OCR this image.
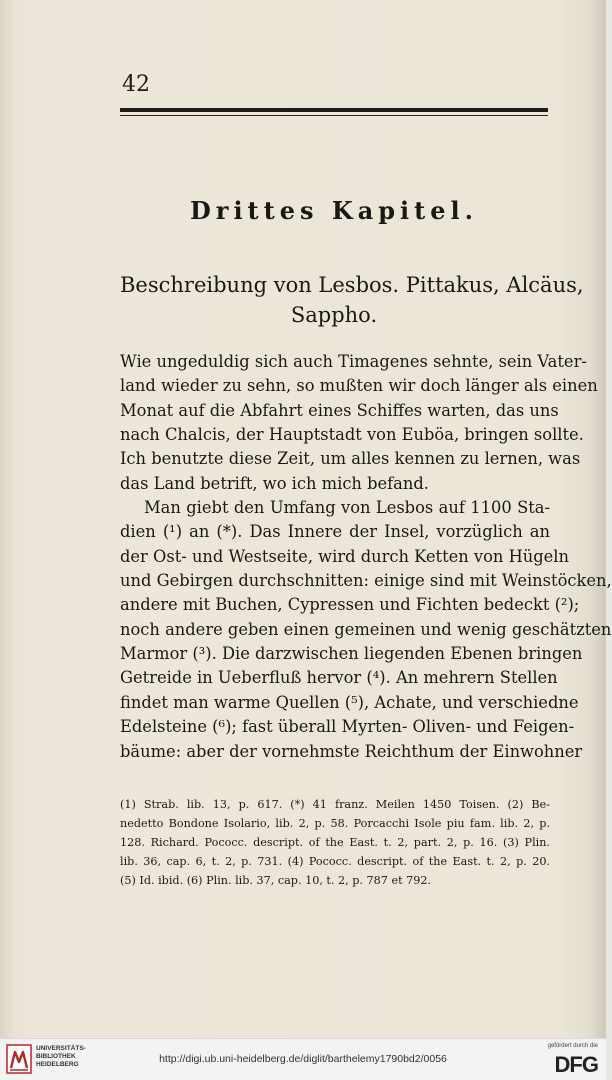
42
Drittes Kapitel.
Beschreibung von Lesbos. Pittakus, Alcäus,
Sappho.
Wie ungeduldig sich auch Timagenes sehnte, sein Vater-
land wieder zu sehn, so mußten wir doch länger als einen
Monat auf die Abfahrt eines Schiffes warten, das uns
nach Chalcis, der Hauptstadt von Euböa, bringen sollte.
Ich benutzte diese Zeit, um alles kennen zu lernen, was
das Land betrift, wo ich mich befand.
Man giebt den Umfang von Lesbos auf 1100 Sta-
dien (¹) an (*). Das Innere der Insel, vorzüglich an
der Ost- und Westseite, wird durch Ketten von Hügeln
und Gebirgen durchschnitten: einige sind mit Weinstöcken,
andere mit Buchen, Cypressen und Fichten bedeckt (²);
noch andere geben einen gemeinen und wenig geschätzten
Marmor (³). Die darzwischen liegenden Ebenen bringen
Getreide in Ueberfluß hervor (⁴). An mehrern Stellen
findet man warme Quellen (⁵), Achate, und verschiedne
Edelsteine (⁶); fast überall Myrten- Oliven- und Feigen-
bäume: aber der vornehmste Reichthum der Einwohner
(1) Strab. lib. 13, p. 617. (*) 41 franz. Meilen 1450 Toisen. (2) Be-
nedetto Bondone Isolario, lib. 2, p. 58. Porcacchi Isole piu fam. lib. 2, p.
128. Richard. Pococc. descript. of the East. t. 2, part. 2, p. 16. (3) Plin.
lib. 36, cap. 6, t. 2, p. 731. (4) Pococc. descript. of the East. t. 2, p. 20.
(5) Id. ibid. (6) Plin. lib. 37, cap. 10, t. 2, p. 787 et 792.
UNIVERSITÄTS-
BIBLIOTHEK
HEIDELBERG	http://digi.ub.uni-heidelberg.de/diglit/barthelemy1790bd2/0056
gefördert durch die
DFG
